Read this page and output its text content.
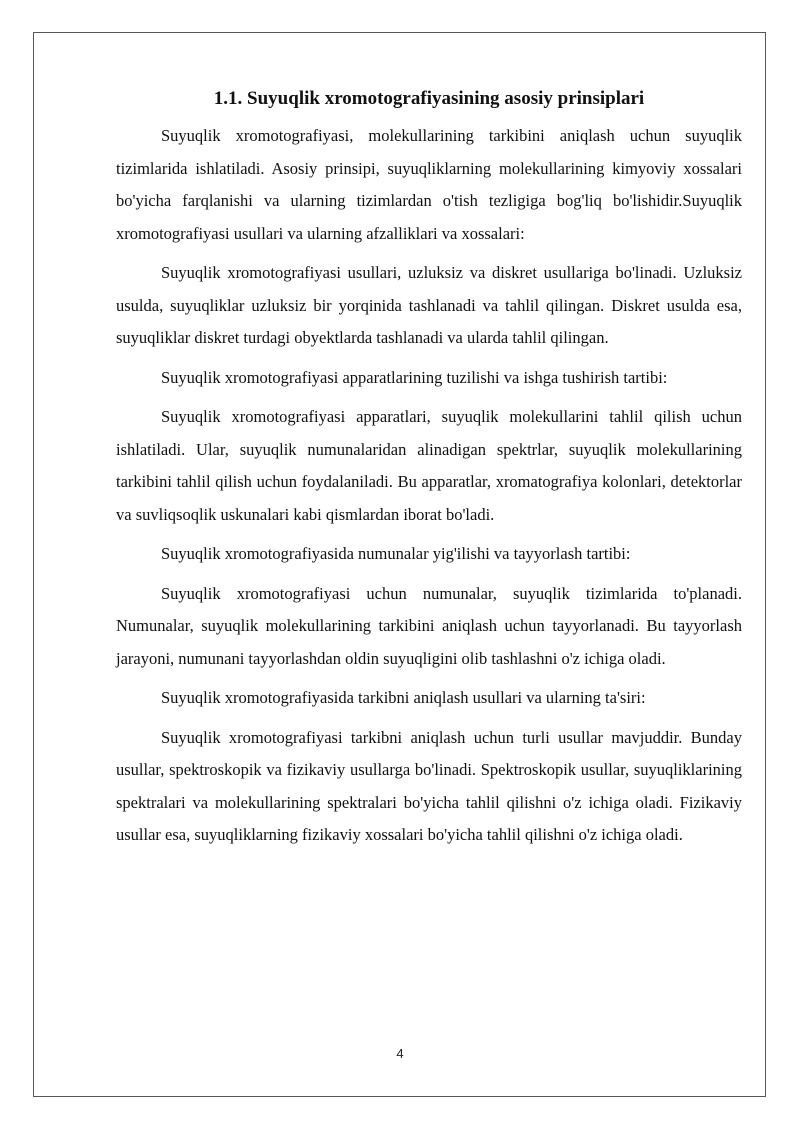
1.1. Suyuqlik xromotografiyasining asosiy prinsiplari

Suyuqlik xromotografiyasi, molekullarining tarkibini aniqlash uchun suyuqlik tizimlarida ishlatiladi. Asosiy prinsipi, suyuqliklarning molekullarining kimyoviy xossalari bo'yicha farqlanishi va ularning tizimlardan o'tish tezligiga bog'liq bo'lishidir.Suyuqlik xromotografiyasi usullari va ularning afzalliklari va xossalari:

Suyuqlik xromotografiyasi usullari, uzluksiz va diskret usullariga bo'linadi. Uzluksiz usulda, suyuqliklar uzluksiz bir yorqinida tashlanadi va tahlil qilingan. Diskret usulda esa, suyuqliklar diskret turdagi obyektlarda tashlanadi va ularda tahlil qilingan.

Suyuqlik xromotografiyasi apparatlarining tuzilishi va ishga tushirish tartibi:

Suyuqlik xromotografiyasi apparatlari, suyuqlik molekullarini tahlil qilish uchun ishlatiladi. Ular, suyuqlik numunalaridan alinadigan spektrlar, suyuqlik molekullarining tarkibini tahlil qilish uchun foydalaniladi. Bu apparatlar, xromatografiya kolonlari, detektorlar va suvliqsoqlik uskunalari kabi qismlardan iborat bo'ladi.

Suyuqlik xromotografiyasida numunalar yig'ilishi va tayyorlash tartibi:

Suyuqlik xromotografiyasi uchun numunalar, suyuqlik tizimlarida to'planadi. Numunalar, suyuqlik molekullarining tarkibini aniqlash uchun tayyorlanadi. Bu tayyorlash jarayoni, numunani tayyorlashdan oldin suyuqligini olib tashlashni o'z ichiga oladi.

Suyuqlik xromotografiyasida tarkibni aniqlash usullari va ularning ta'siri:

Suyuqlik xromotografiyasi tarkibni aniqlash uchun turli usullar mavjuddir. Bunday usullar, spektroskopik va fizikaviy usullarga bo'linadi. Spektroskopik usullar, suyuqliklarining spektralari va molekullarining spektralari bo'yicha tahlil qilishni o'z ichiga oladi. Fizikaviy usullar esa, suyuqliklarning fizikaviy xossalari bo'yicha tahlil qilishni o'z ichiga oladi.

4
